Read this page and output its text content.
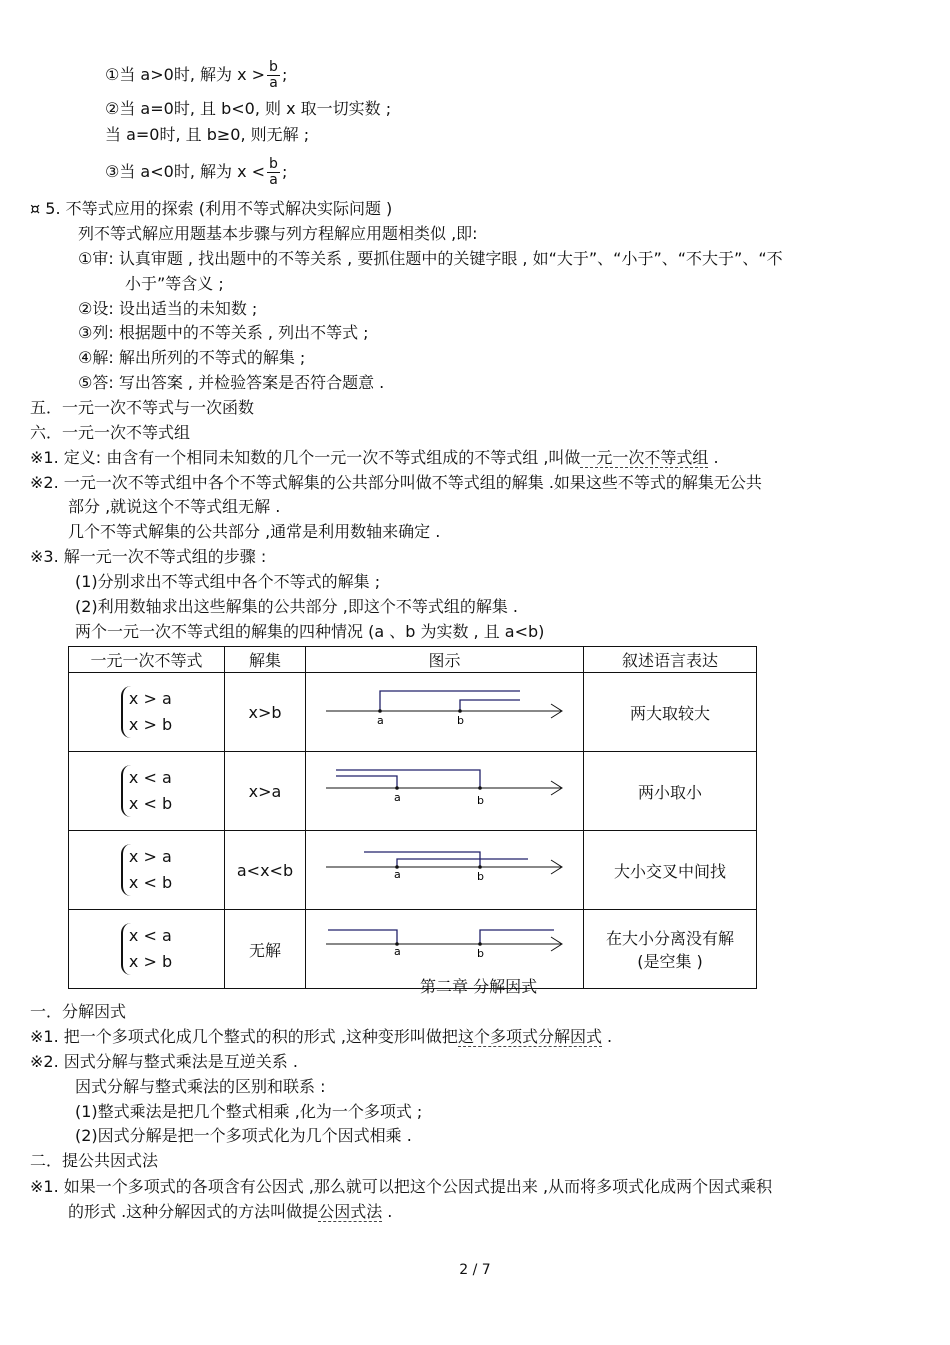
①当 a>0时, 解为 $x > \frac{b}{a}$ ;
②当 a=0时, 且 b<0, 则 x 取一切实数 ;
当 a=0时, 且 b≥0, 则无解 ;
③当 a<0时, 解为 $x < \frac{b}{a}$ ;
¤ 5. 不等式应用的探索 (利用不等式解决实际问题 )
列不等式解应用题基本步骤与列方程解应用题相类似 ,即:
①审: 认真审题 , 找出题中的不等关系 , 要抓住题中的关键字眼 , 如“大于”、“小于”、“不大于”、“不
小于”等含义 ;
②设: 设出适当的未知数 ;
③列: 根据题中的不等关系 , 列出不等式 ;
④解: 解出所列的不等式的解集 ;
⑤答: 写出答案 , 并检验答案是否符合题意 .
五．一元一次不等式与一次函数
六．一元一次不等式组
※1. 定义: 由含有一个相同未知数的几个一元一次不等式组成的不等式组 ,叫做一元一次不等式组 .
※2. 一元一次不等式组中各个不等式解集的公共部分叫做不等式组的解集 .如果这些不等式的解集无公共
部分 ,就说这个不等式组无解 .
几个不等式解集的公共部分 ,通常是利用数轴来确定 .
※3. 解一元一次不等式组的步骤 :
(1)分别求出不等式组中各个不等式的解集 ;
(2)利用数轴求出这些解集的公共部分 ,即这个不等式组的解集 .
两个一元一次不等式组的解集的四种情况 (a 、b 为实数 , 且 a<b)
一元一次不等式	解集	图示	叙述语言表达
x > a
x > b	x>b	a b	两大取较大
x < a
x < b	x>a	a b	两小取小
x > a
x < b	a<x<b	a b	大小交叉中间找
x < a
x > b	无解	a b	在大小分离没有解
(是空集 )
第二章 分解因式
一．分解因式
※1. 把一个多项式化成几个整式的积的形式 ,这种变形叫做把这个多项式分解因式 .
※2. 因式分解与整式乘法是互逆关系 .
因式分解与整式乘法的区别和联系 :
(1)整式乘法是把几个整式相乘 ,化为一个多项式 ;
(2)因式分解是把一个多项式化为几个因式相乘 .
二．提公共因式法
※1. 如果一个多项式的各项含有公因式 ,那么就可以把这个公因式提出来 ,从而将多项式化成两个因式乘积
的形式 .这种分解因式的方法叫做提公因式法 .
2 / 7
